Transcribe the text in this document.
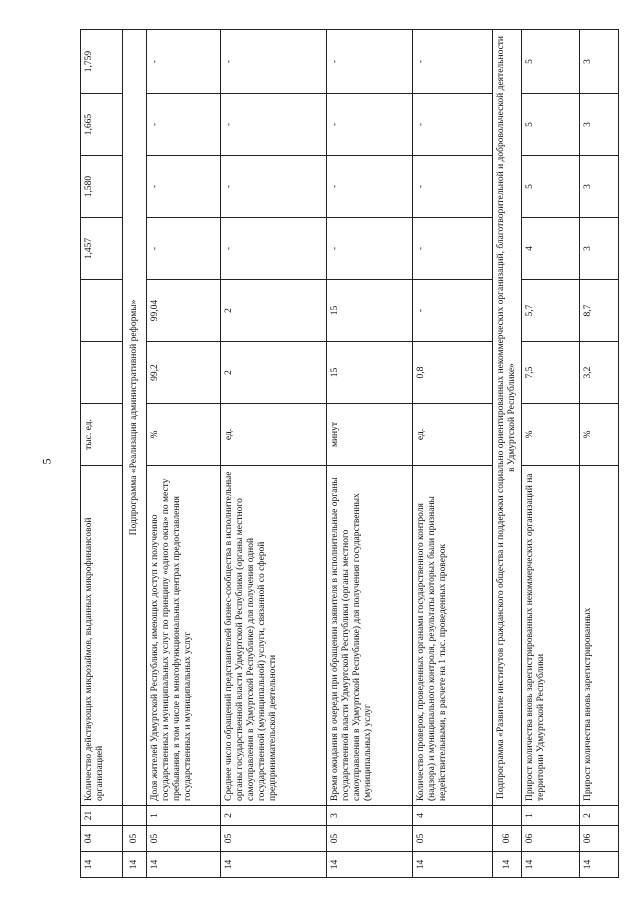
5
14	04	21	Количество действующих микрозаймов, выданных микрофинансовой организацией	тыс. ед.			1,457	1,580	1,665	1,759
14	05		Подпрограмма «Реализация административной реформы»							
14	05	1	Доля жителей Удмуртской Республики, имеющих доступ к получению государственных и муниципальных услуг по принципу «одного окна» по месту пребывания, в том числе в многофункциональных центрах предоставления государственных и муниципальных услуг	%	99,2	99,04	-	-	-	-
14	05	2	Среднее число обращений представителей бизнес-сообщества в исполнительные органы государственной власти Удмуртской Республики (органы местного самоуправления в Удмуртской Республике) для получения одной государственной (муниципальной) услуги, связанной со сферой предпринимательской деятельности	ед.	2	2	-	-	-	-
14	05	3	Время ожидания в очереди при обращении заявителя в исполнительные органы государственной власти Удмуртской Республики (органы местного самоуправления в Удмуртской Республике) для получения государственных (муниципальных) услуг	минут	15	15	-	-	-	-
14	05	4	Количество проверок, проведенных органами государственного контроля (надзора) и муниципального контроля, результаты которых были признаны недействительными, в расчете на 1 тыс. проведенных проверок	ед.	0,8	-	-	-	-	-
14	06		Подпрограмма «Развитие институтов гражданского общества и поддержки социально ориентированных некоммерческих организаций, благотворительной и добровольческой деятельности в Удмуртской Республике»							
14	06	1	Прирост количества вновь зарегистрированных некоммерческих организаций на территории Удмуртской Республики	%	7,5	5,7	4	5	5	5
14	06	2	Прирост количества вновь зарегистрированных	%	3,2	8,7	3	3	3	3
